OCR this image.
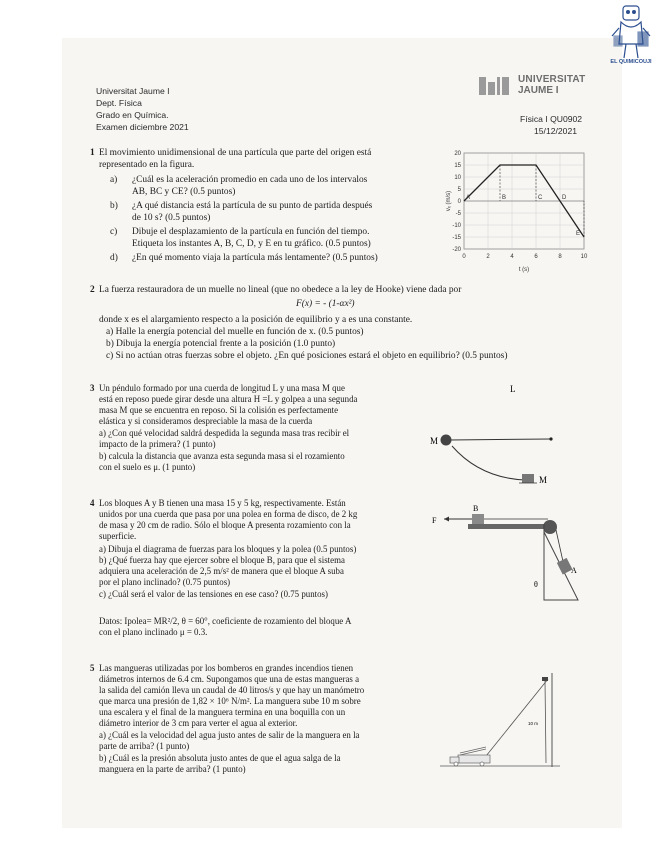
EL QUIMICOUJI
Universitat Jaume I
Dept. Física
Grado en Química.
Examen diciembre 2021
UNIVERSITAT
JAUME I
Física I QU0902
15/12/2021
1 El movimiento unidimensional de una partícula que parte del origen está
representado en la figura.
a) ¿Cuál es la aceleración promedio en cada uno de los intervalos
AB, BC y CE? (0.5 puntos)
b) ¿A qué distancia está la partícula de su punto de partida después
de 10 s? (0.5 puntos)
c) Dibuje el desplazamiento de la partícula en función del tiempo.
Etiqueta los instantes A, B, C, D, y E en tu gráfico. (0.5 puntos)
d) ¿En qué momento viaja la partícula más lentamente? (0.5 puntos)
20
15
10
5
0
-5
-10
-15
-20
0	2	4	6	8	10
A	B	C	D
E
vₓ (m/s)
t (s)
2 La fuerza restauradora de un muelle no lineal (que no obedece a la ley de Hooke) viene dada por
F(x) = - (1-αx²)
donde x es el alargamiento respecto a la posición de equilibrio y a es una constante.
a) Halle la energía potencial del muelle en función de x. (0.5 puntos)
b) Dibuja la energía potencial frente a la posición (1.0 punto)
c) Si no actúan otras fuerzas sobre el objeto. ¿En qué posiciones estará el objeto en equilibrio? (0.5 puntos)
3 Un péndulo formado por una cuerda de longitud L y una masa M que
está en reposo puede girar desde una altura H =L y golpea a una segunda
masa M que se encuentra en reposo. Si la colisión es perfectamente
elástica y si consideramos despreciable la masa de la cuerda
a) ¿Con qué velocidad saldrá despedida la segunda masa tras recibir el
impacto de la primera? (1 punto)
b) calcula la distancia que avanza esta segunda masa si el rozamiento
con el suelo es μ. (1 punto)
L
M
M
4 Los bloques A y B tienen una masa 15 y 5 kg, respectivamente. Están
unidos por una cuerda que pasa por una polea en forma de disco, de 2 kg
de masa y 20 cm de radio. Sólo el bloque A presenta rozamiento con la
superficie.
a) Dibuja el diagrama de fuerzas para los bloques y la polea (0.5 puntos)
b) ¿Qué fuerza hay que ejercer sobre el bloque B, para que el sistema
adquiera una aceleración de 2,5 m/s² de manera que el bloque A suba
por el plano inclinado? (0.75 puntos)
c) ¿Cuál será el valor de las tensiones en ese caso? (0.75 puntos)
Datos: Ipolea= MR²/2, θ = 60°, coeficiente de rozamiento del bloque A
con el plano inclinado μ = 0.3.
B
F
A
θ
5 Las mangueras utilizadas por los bomberos en grandes incendios tienen
diámetros internos de 6.4 cm. Supongamos que una de estas mangueras a
la salida del camión lleva un caudal de 40 litros/s y que hay un manómetro
que marca una presión de 1,82 × 10⁶ N/m². La manguera sube 10 m sobre
una escalera y el final de la manguera termina en una boquilla con un
diámetro interior de 3 cm para verter el agua al exterior.
a) ¿Cuál es la velocidad del agua justo antes de salir de la manguera en la
parte de arriba? (1 punto)
b) ¿Cuál es la presión absoluta justo antes de que el agua salga de la
manguera en la parte de arriba? (1 punto)
10 m
